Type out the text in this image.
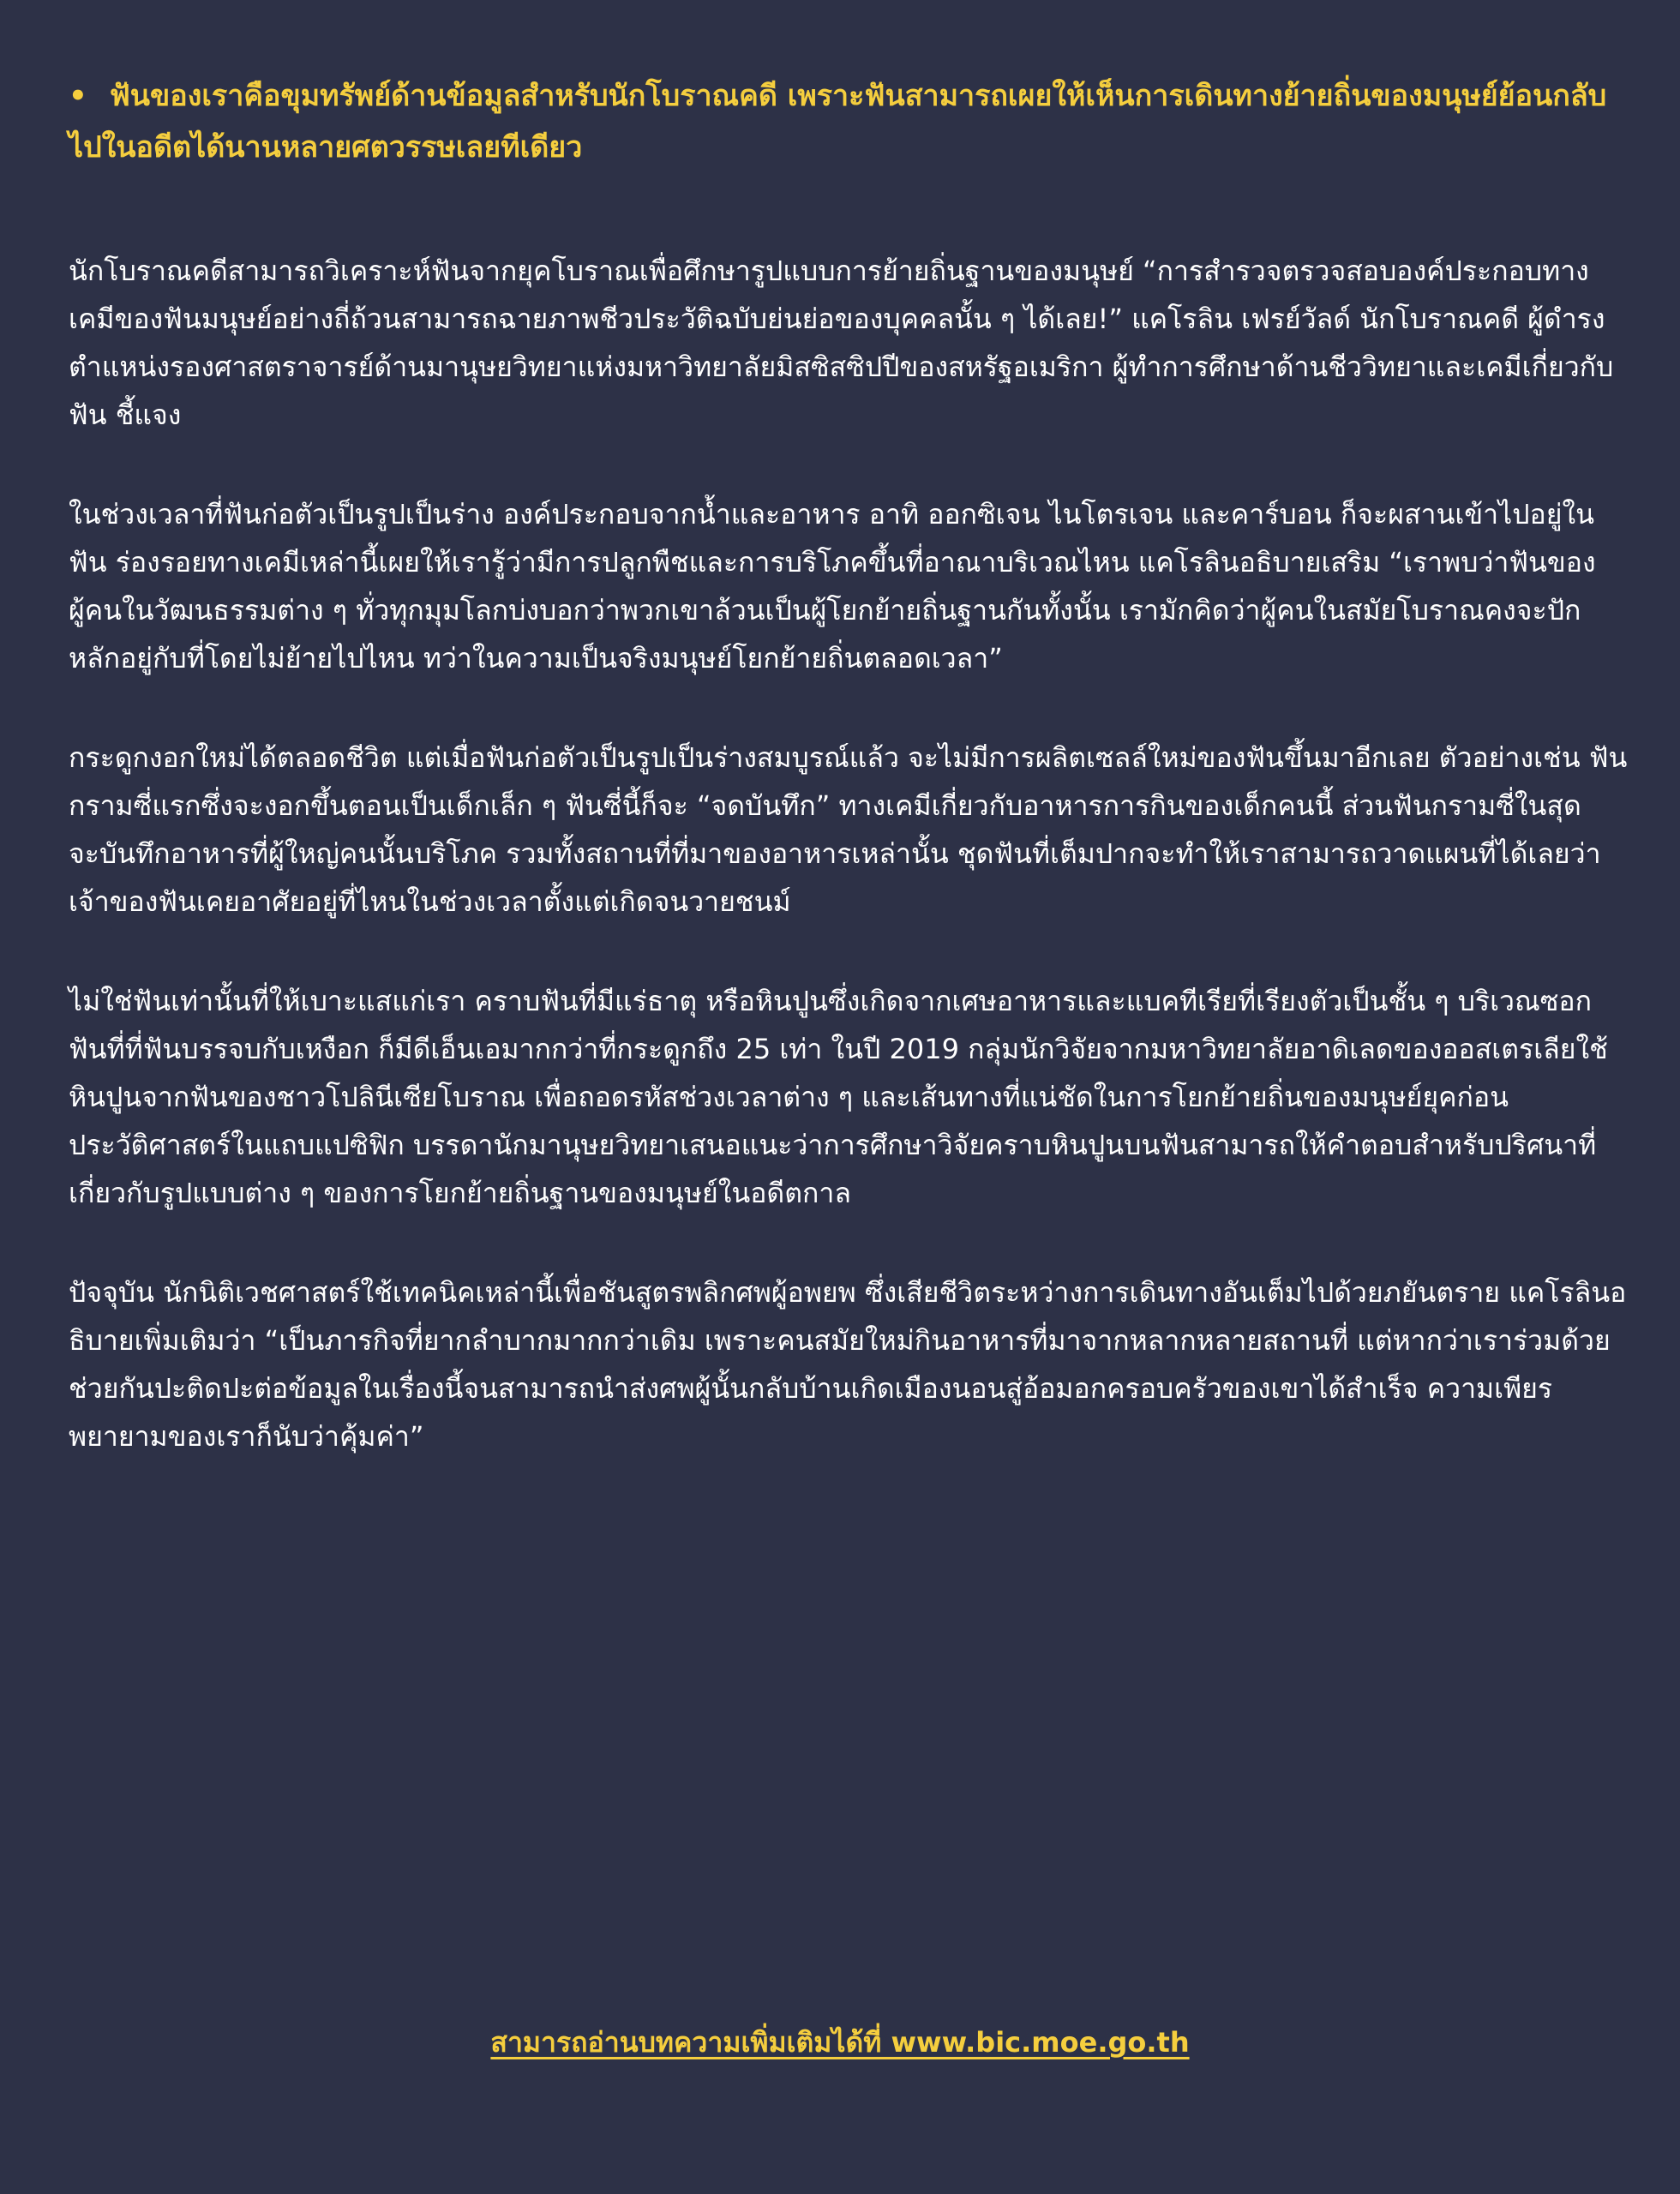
• ฟันของเราคือขุมทรัพย์ด้านข้อมูลสำหรับนักโบราณคดี เพราะฟันสามารถเผยให้เห็นการเดินทางย้ายถิ่นของมนุษย์ย้อนกลับไปในอดีตได้นานหลายศตวรรษเลยทีเดียว

นักโบราณคดีสามารถวิเคราะห์ฟันจากยุคโบราณเพื่อศึกษารูปแบบการย้ายถิ่นฐานของมนุษย์ “การสำรวจตรวจสอบองค์ประกอบทางเคมีของฟันมนุษย์อย่างถี่ถ้วนสามารถฉายภาพชีวประวัติฉบับย่นย่อของบุคคลนั้น ๆ ได้เลย!” แคโรลิน เฟรย์วัลด์ นักโบราณคดี ผู้ดำรงตำแหน่งรองศาสตราจารย์ด้านมานุษยวิทยาแห่งมหาวิทยาลัยมิสซิสซิปปีของสหรัฐอเมริกา ผู้ทำการศึกษาด้านชีววิทยาและเคมีเกี่ยวกับฟัน ชี้แจง

ในช่วงเวลาที่ฟันก่อตัวเป็นรูปเป็นร่าง องค์ประกอบจากน้ำและอาหาร อาทิ ออกซิเจน ไนโตรเจน และคาร์บอน ก็จะผสานเข้าไปอยู่ในฟัน ร่องรอยทางเคมีเหล่านี้เผยให้เรารู้ว่ามีการปลูกพืชและการบริโภคขึ้นที่อาณาบริเวณไหน แคโรลินอธิบายเสริม “เราพบว่าฟันของผู้คนในวัฒนธรรมต่าง ๆ ทั่วทุกมุมโลกบ่งบอกว่าพวกเขาล้วนเป็นผู้โยกย้ายถิ่นฐานกันทั้งนั้น เรามักคิดว่าผู้คนในสมัยโบราณคงจะปักหลักอยู่กับที่โดยไม่ย้ายไปไหน ทว่าในความเป็นจริงมนุษย์โยกย้ายถิ่นตลอดเวลา”

กระดูกงอกใหม่ได้ตลอดชีวิต แต่เมื่อฟันก่อตัวเป็นรูปเป็นร่างสมบูรณ์แล้ว จะไม่มีการผลิตเซลล์ใหม่ของฟันขึ้นมาอีกเลย ตัวอย่างเช่น ฟันกรามซี่แรกซึ่งจะงอกขึ้นตอนเป็นเด็กเล็ก ๆ ฟันซี่นี้ก็จะ “จดบันทึก” ทางเคมีเกี่ยวกับอาหารการกินของเด็กคนนี้ ส่วนฟันกรามซี่ในสุดจะบันทึกอาหารที่ผู้ใหญ่คนนั้นบริโภค รวมทั้งสถานที่ที่มาของอาหารเหล่านั้น ชุดฟันที่เต็มปากจะทำให้เราสามารถวาดแผนที่ได้เลยว่า เจ้าของฟันเคยอาศัยอยู่ที่ไหนในช่วงเวลาตั้งแต่เกิดจนวายชนม์

ไม่ใช่ฟันเท่านั้นที่ให้เบาะแสแก่เรา คราบฟันที่มีแร่ธาตุ หรือหินปูนซึ่งเกิดจากเศษอาหารและแบคทีเรียที่เรียงตัวเป็นชั้น ๆ บริเวณซอกฟันที่ที่ฟันบรรจบกับเหงือก ก็มีดีเอ็นเอมากกว่าที่กระดูกถึง 25 เท่า ในปี 2019 กลุ่มนักวิจัยจากมหาวิทยาลัยอาดิเลดของออสเตรเลียใช้หินปูนจากฟันของชาวโปลินีเซียโบราณ เพื่อถอดรหัสช่วงเวลาต่าง ๆ และเส้นทางที่แน่ชัดในการโยกย้ายถิ่นของมนุษย์ยุคก่อนประวัติศาสตร์ในแถบแปซิฟิก บรรดานักมานุษยวิทยาเสนอแนะว่าการศึกษาวิจัยคราบหินปูนบนฟันสามารถให้คำตอบสำหรับปริศนาที่เกี่ยวกับรูปแบบต่าง ๆ ของการโยกย้ายถิ่นฐานของมนุษย์ในอดีตกาล

ปัจจุบัน นักนิติเวชศาสตร์ใช้เทคนิคเหล่านี้เพื่อชันสูตรพลิกศพผู้อพยพ ซึ่งเสียชีวิตระหว่างการเดินทางอันเต็มไปด้วยภยันตราย แคโรลินอธิบายเพิ่มเติมว่า “เป็นภารกิจที่ยากลำบากมากกว่าเดิม เพราะคนสมัยใหม่กินอาหารที่มาจากหลากหลายสถานที่ แต่หากว่าเราร่วมด้วยช่วยกันปะติดปะต่อข้อมูลในเรื่องนี้จนสามารถนำส่งศพผู้นั้นกลับบ้านเกิดเมืองนอนสู่อ้อมอกครอบครัวของเขาได้สำเร็จ ความเพียรพยายามของเราก็นับว่าคุ้มค่า”

สามารถอ่านบทความเพิ่มเติมได้ที่ www.bic.moe.go.th
